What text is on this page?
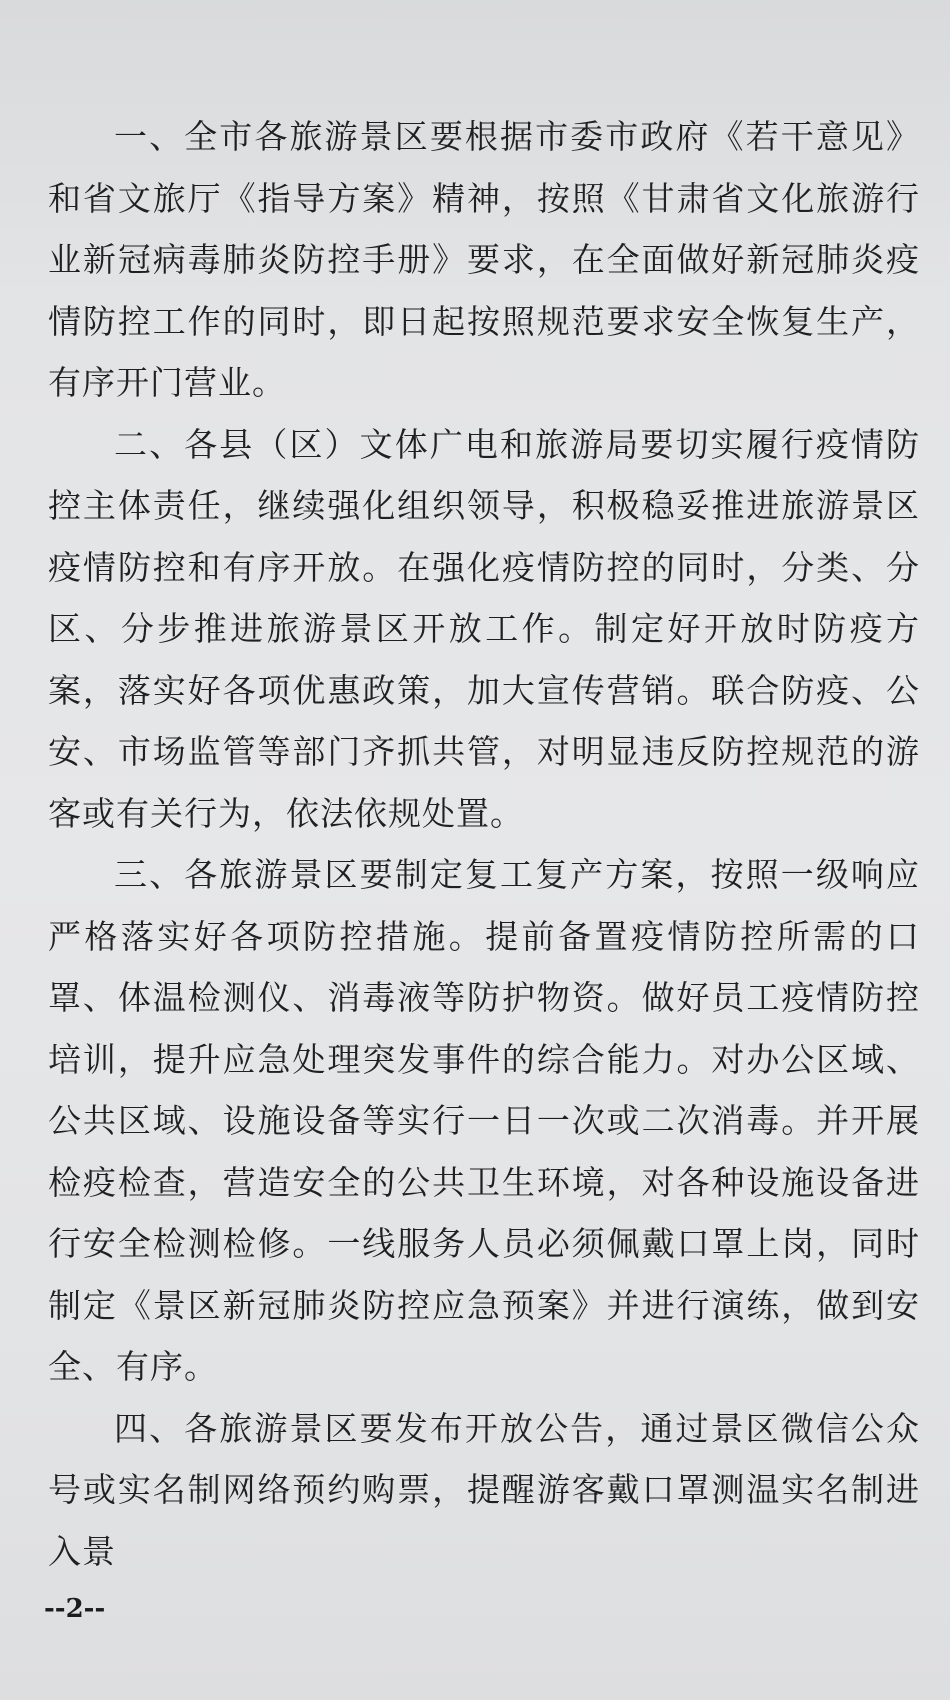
一、全市各旅游景区要根据市委市政府《若干意见》和省文旅厅《指导方案》精神，按照《甘肃省文化旅游行业新冠病毒肺炎防控手册》要求，在全面做好新冠肺炎疫情防控工作的同时，即日起按照规范要求安全恢复生产，有序开门营业。

二、各县（区）文体广电和旅游局要切实履行疫情防控主体责任，继续强化组织领导，积极稳妥推进旅游景区疫情防控和有序开放。在强化疫情防控的同时，分类、分区、分步推进旅游景区开放工作。制定好开放时防疫方案，落实好各项优惠政策，加大宣传营销。联合防疫、公安、市场监管等部门齐抓共管，对明显违反防控规范的游客或有关行为，依法依规处置。

三、各旅游景区要制定复工复产方案，按照一级响应严格落实好各项防控措施。提前备置疫情防控所需的口罩、体温检测仪、消毒液等防护物资。做好员工疫情防控培训，提升应急处理突发事件的综合能力。对办公区域、 公共区域、设施设备等实行一日一次或二次消毒。并开展检疫检查，营造安全的公共卫生环境，对各种设施设备进行安全检测检修。一线服务人员必须佩戴口罩上岗，同时制定《景区新冠肺炎防控应急预案》并进行演练，做到安全、有序。

四、各旅游景区要发布开放公告，通过景区微信公众号或实名制网络预约购票，提醒游客戴口罩测温实名制进入景

--2--
